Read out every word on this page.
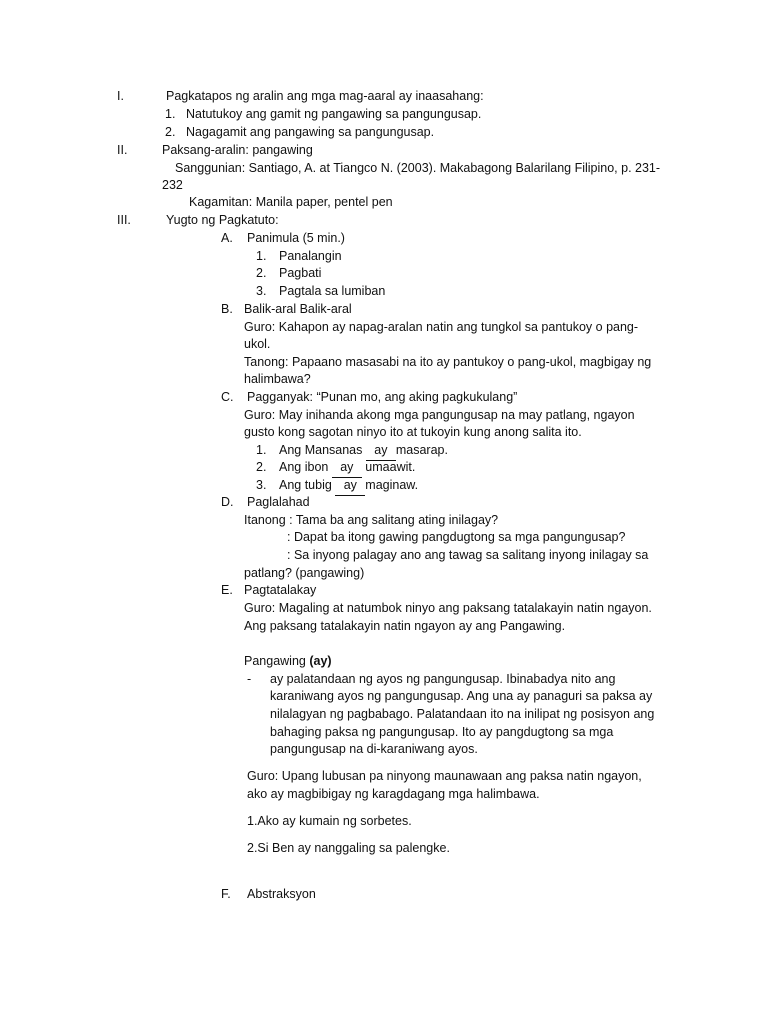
I.	Pagkatapos ng aralin ang mga mag-aaral ay inaasahang:
1. Natutukoy ang gamit ng pangawing sa pangungusap.
2. Nagagamit ang pangawing sa pangungusap.
II.	Paksang-aralin: pangawing
Sanggunian: Santiago, A. at Tiangco N. (2003). Makabagong Balarilang Filipino, p. 231-
232
Kagamitan: Manila paper, pentel pen
III.	Yugto ng Pagkatuto:
A. Panimula (5 min.)
1. Panalangin
2. Pagbati
3. Pagtala sa lumiban
B. Balik-aral Balik-aral
Guro: Kahapon ay napag-aralan natin ang tungkol sa pantukoy o pang-
ukol.
Tanong: Papaano masasabi na ito ay pantukoy o pang-ukol, magbigay ng
halimbawa?
C. Pagganyak: “Punan mo, ang aking pagkukulang”
Guro: May inihanda akong mga pangungusap na may patlang, ngayon
gusto kong sagotan ninyo ito at tukoyin kung anong salita ito.
1. Ang Mansanas ay masarap.
2. Ang ibon ay umaawit.
3. Ang tubig ay maginaw.
D. Paglalahad
Itanong : Tama ba ang salitang ating inilagay?
: Dapat ba itong gawing pangdugtong sa mga pangungusap?
: Sa inyong palagay ano ang tawag sa salitang inyong inilagay sa
patlang? (pangawing)
E. Pagtatalakay
Guro: Magaling at natumbok ninyo ang paksang tatalakayin natin ngayon.
Ang paksang tatalakayin natin ngayon ay ang Pangawing.
Pangawing (ay)
- ay palatandaan ng ayos ng pangungusap. Ibinabadya nito ang
karaniwang ayos ng pangungusap. Ang una ay panaguri sa paksa ay
nilalagyan ng pagbabago. Palatandaan ito na inilipat ng posisyon ang
bahaging paksa ng pangungusap. Ito ay pangdugtong sa mga
pangungusap na di-karaniwang ayos.
Guro: Upang lubusan pa ninyong maunawaan ang paksa natin ngayon,
ako ay magbibigay ng karagdagang mga halimbawa.
1.Ako ay kumain ng sorbetes.
2.Si Ben ay nanggaling sa palengke.
F. Abstraksyon
